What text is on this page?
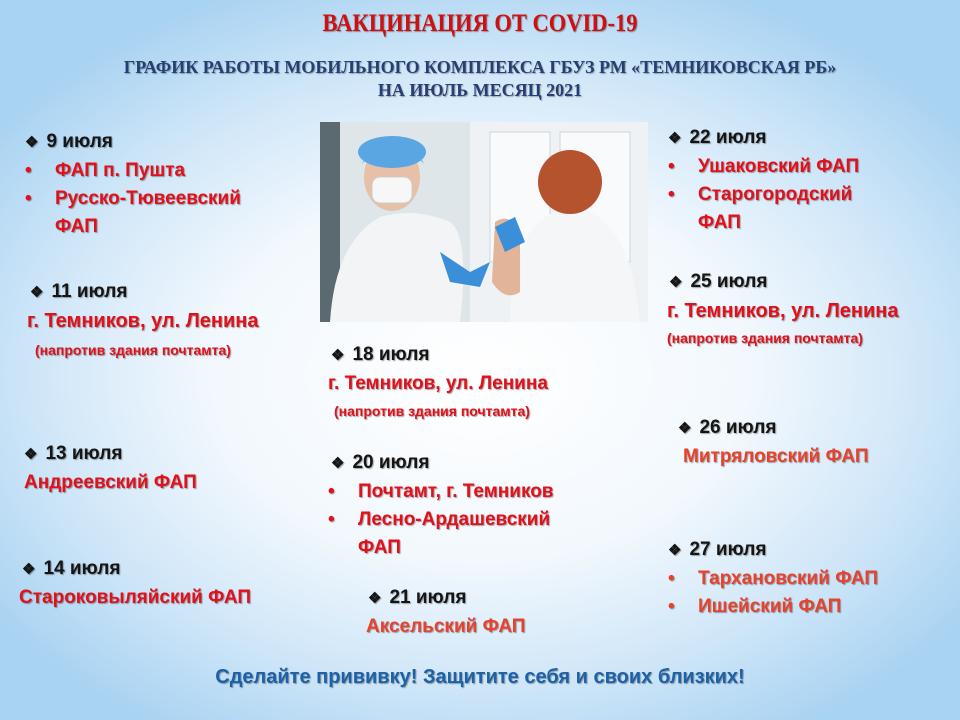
ВАКЦИНАЦИЯ ОТ COVID-19
ГРАФИК РАБОТЫ МОБИЛЬНОГО КОМПЛЕКСА ГБУЗ РМ «ТЕМНИКОВСКАЯ РБ»
НА ИЮЛЬ МЕСЯЦ 2021
❖ 9 июля
•	ФАП п. Пушта
•	Русско-Тювеевский
ФАП
❖ 11 июля
г. Темников, ул. Ленина
(напротив здания почтамта)
❖ 13 июля
Андреевский ФАП
❖ 14 июля
Староковыляйский ФАП
❖ 18 июля
г. Темников, ул. Ленина
(напротив здания почтамта)
❖ 20 июля
•	Почтамт, г. Темников
•	Лесно-Ардашевский
ФАП
❖ 21 июля
Аксельский ФАП
❖ 22 июля
•	Ушаковский ФАП
•	Старогородский
ФАП
❖ 25 июля
г. Темников, ул. Ленина
(напротив здания почтамта)
❖ 26 июля
Митряловский ФАП
❖ 27 июля
•	Тархановский ФАП
•	Ишейский ФАП
Сделайте прививку! Защитите себя и своих близких!
